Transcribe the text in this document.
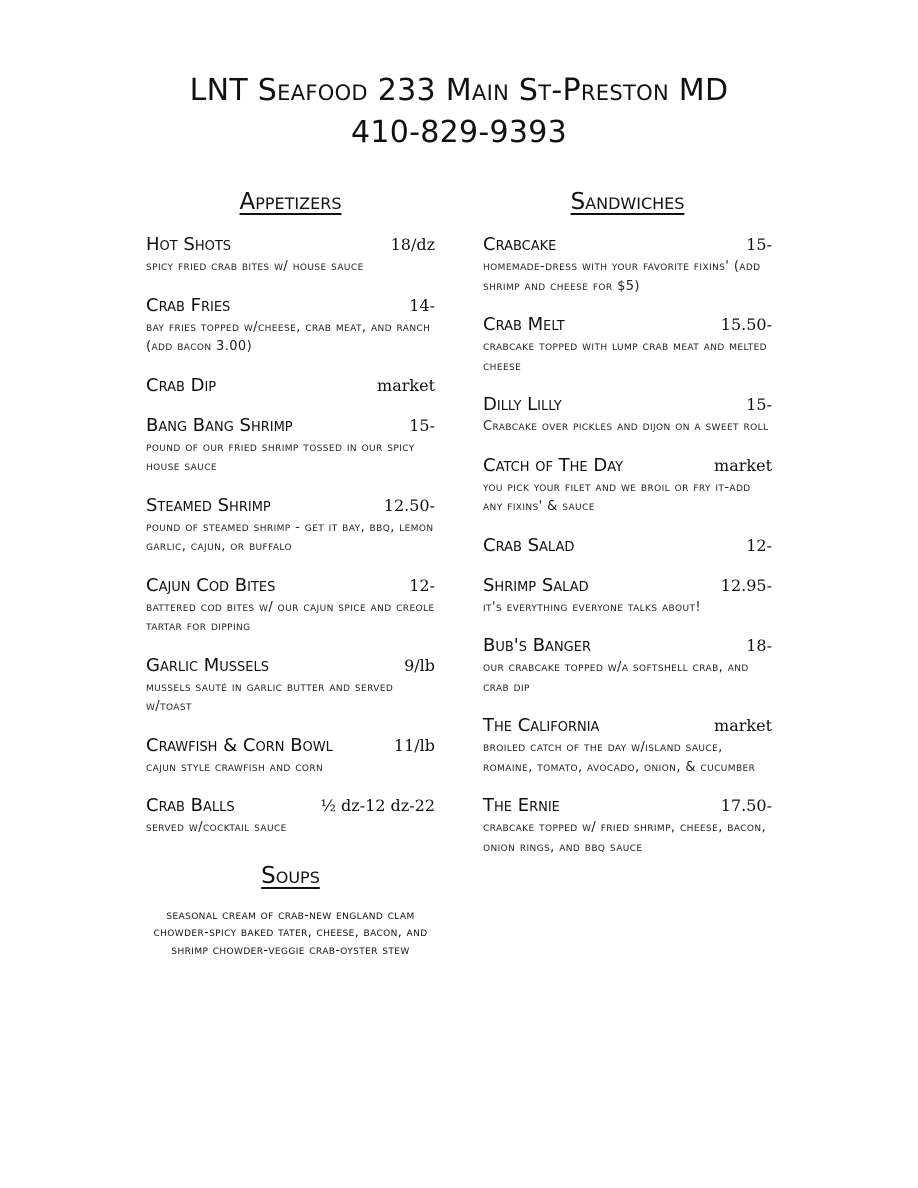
LNT Seafood 233 Main St-Preston MD
410-829-9393
Appetizers
Hot Shots	18/dz
spicy fried crab bites w/ house sauce
Crab Fries	14-
bay fries topped w/cheese, crab meat, and ranch (add bacon 3.00)
Crab Dip	market
Bang Bang Shrimp	15-
pound of our fried shrimp tossed in our spicy house sauce
Steamed Shrimp	12.50-
pound of steamed shrimp - get it bay, bbq, lemon garlic, cajun, or buffalo
Cajun Cod Bites	12-
battered cod bites w/ our cajun spice and creole tartar for dipping
Garlic Mussels	9/lb
mussels sauté in garlic butter and served w/toast
Crawfish & Corn Bowl	11/lb
cajun style crawfish and corn
Crab Balls	½ dz-12 dz-22
served w/cocktail sauce
Soups
seasonal cream of crab-new england clam chowder-spicy baked tater, cheese, bacon, and shrimp chowder-veggie crab-oyster stew
Sandwiches
Crabcake	15-
homemade-dress with your favorite fixins' (add shrimp and cheese for $5)
Crab Melt	15.50-
crabcake topped with lump crab meat and melted cheese
Dilly Lilly	15-
Crabcake over pickles and dijon on a sweet roll
Catch of The Day	market
you pick your filet and we broil or fry it-add any fixins' & sauce
Crab Salad	12-
Shrimp Salad	12.95-
it's everything everyone talks about!
Bub's Banger	18-
our crabcake topped w/a softshell crab, and crab dip
The California	market
broiled catch of the day w/island sauce, romaine, tomato, avocado, onion, & cucumber
The Ernie	17.50-
crabcake topped w/ fried shrimp, cheese, bacon, onion rings, and bbq sauce
